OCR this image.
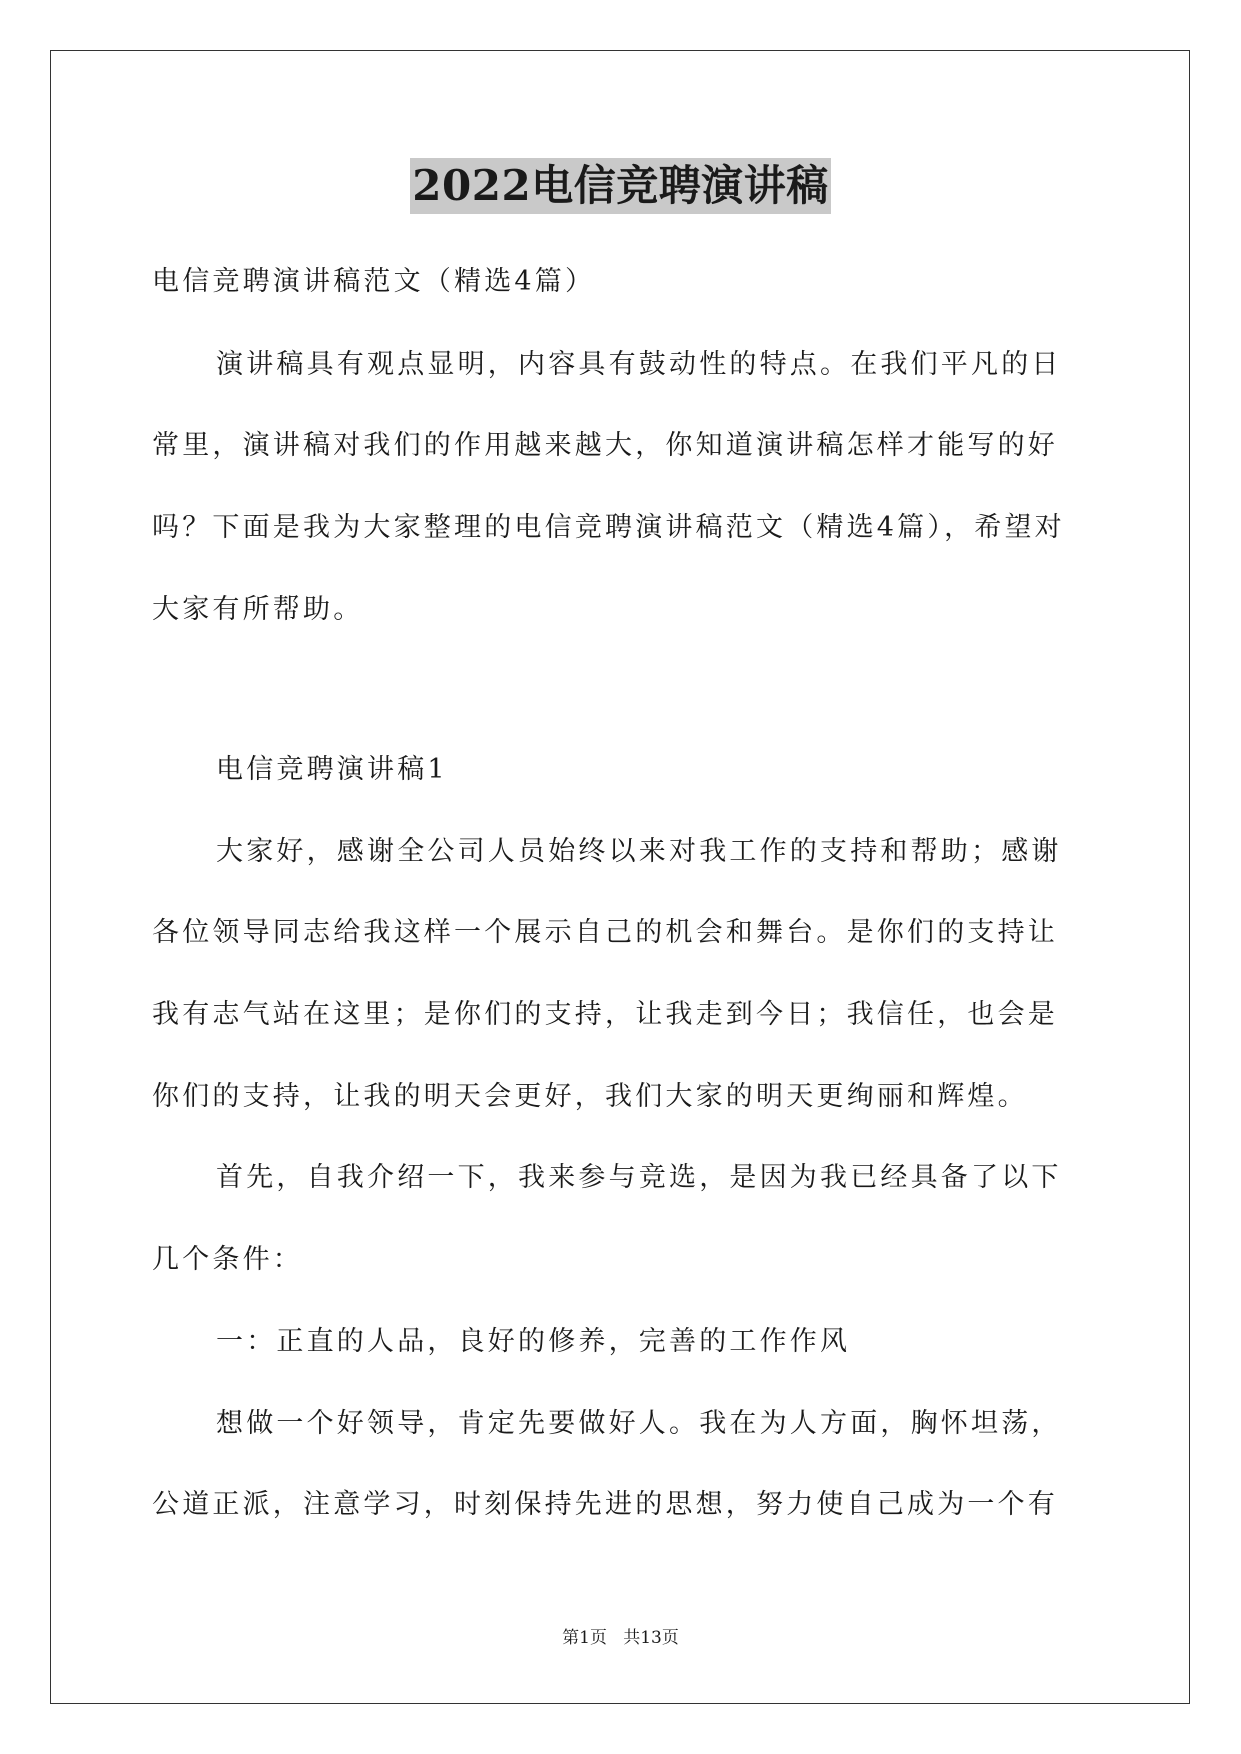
2022电信竞聘演讲稿
电信竞聘演讲稿范文（精选4篇）
演讲稿具有观点显明，内容具有鼓动性的特点。在我们平凡的日
常里，演讲稿对我们的作用越来越大，你知道演讲稿怎样才能写的好
吗？下面是我为大家整理的电信竞聘演讲稿范文（精选4篇），希望对
大家有所帮助。
电信竞聘演讲稿1
大家好，感谢全公司人员始终以来对我工作的支持和帮助；感谢
各位领导同志给我这样一个展示自己的机会和舞台。是你们的支持让
我有志气站在这里；是你们的支持，让我走到今日；我信任，也会是
你们的支持，让我的明天会更好，我们大家的明天更绚丽和辉煌。
首先，自我介绍一下，我来参与竞选，是因为我已经具备了以下
几个条件：
一：正直的人品，良好的修养，完善的工作作风
想做一个好领导，肯定先要做好人。我在为人方面，胸怀坦荡，
公道正派，注意学习，时刻保持先进的思想，努力使自己成为一个有
第1页 共13页
